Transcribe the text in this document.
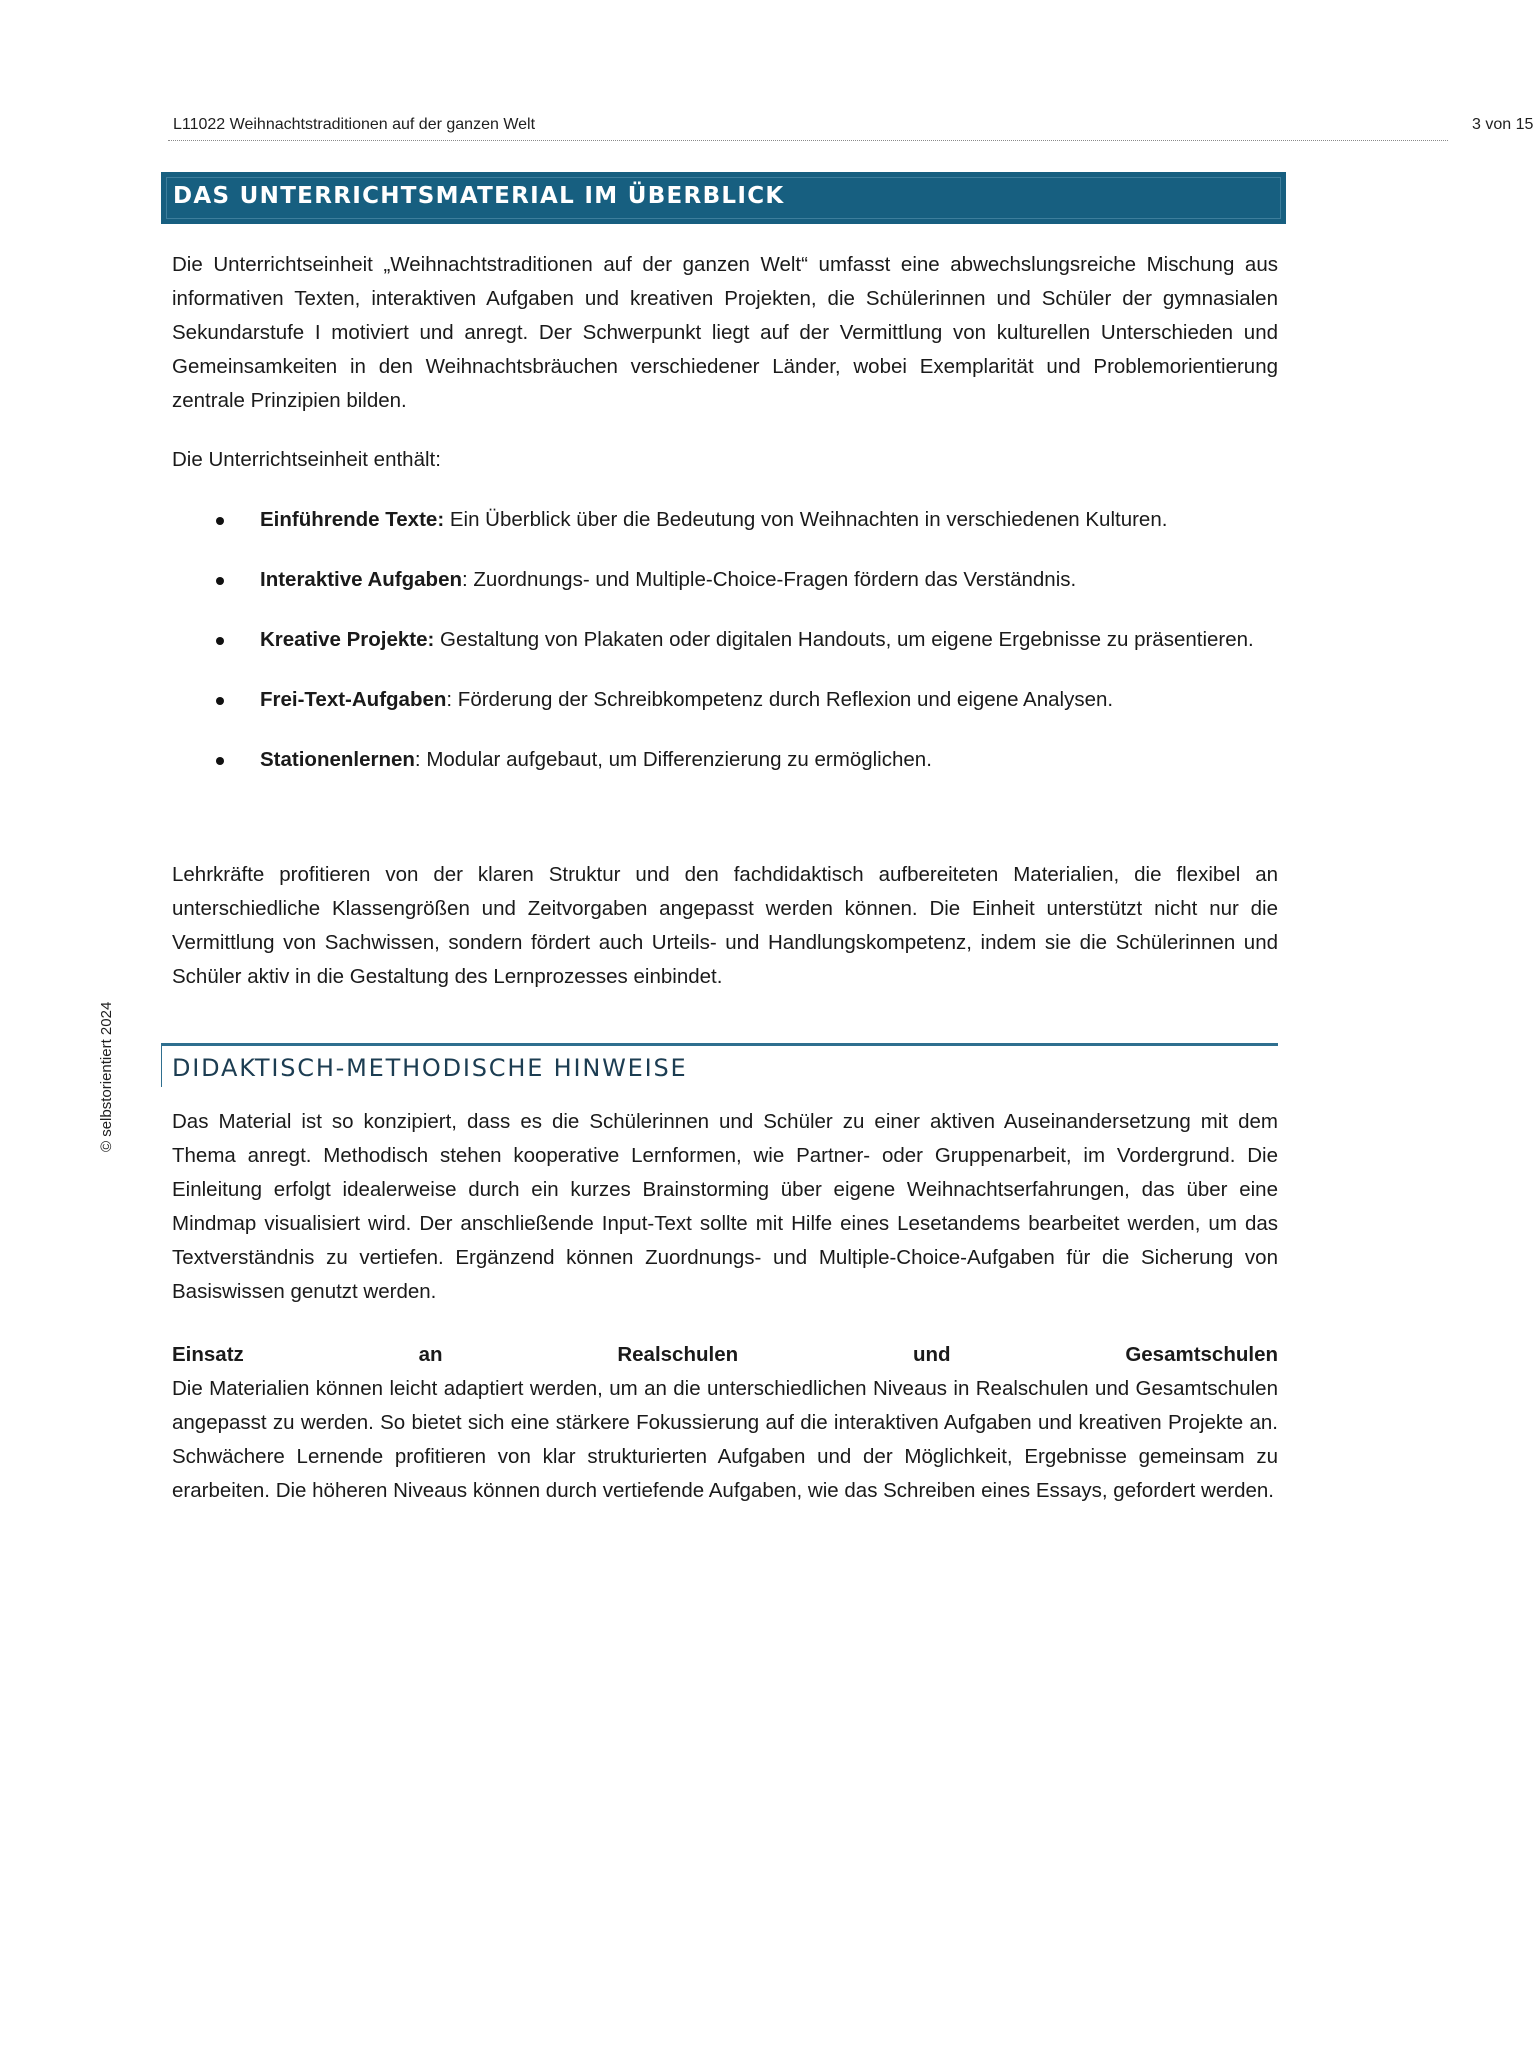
L11022 Weihnachtstraditionen auf der ganzen Welt	3 von 15
© selbstorientiert 2024
DAS UNTERRICHTSMATERIAL IM ÜBERBLICK

Die Unterrichtseinheit „Weihnachtstraditionen auf der ganzen Welt“ umfasst eine abwechslungsreiche Mischung aus informativen Texten, interaktiven Aufgaben und kreativen Projekten, die Schülerinnen und Schüler der gymnasialen Sekundarstufe I motiviert und anregt. Der Schwerpunkt liegt auf der Vermittlung von kulturellen Unterschieden und Gemeinsamkeiten in den Weihnachtsbräuchen verschiedener Länder, wobei Exemplarität und Problemorientierung zentrale Prinzipien bilden.

Die Unterrichtseinheit enthält:

Einführende Texte: Ein Überblick über die Bedeutung von Weihnachten in verschiedenen Kulturen.
Interaktive Aufgaben: Zuordnungs- und Multiple-Choice-Fragen fördern das Verständnis.
Kreative Projekte: Gestaltung von Plakaten oder digitalen Handouts, um eigene Ergebnisse zu präsentieren.
Frei-Text-Aufgaben: Förderung der Schreibkompetenz durch Reflexion und eigene Analysen.
Stationenlernen: Modular aufgebaut, um Differenzierung zu ermöglichen.

Lehrkräfte profitieren von der klaren Struktur und den fachdidaktisch aufbereiteten Materialien, die flexibel an unterschiedliche Klassengrößen und Zeitvorgaben angepasst werden können. Die Einheit unterstützt nicht nur die Vermittlung von Sachwissen, sondern fördert auch Urteils- und Handlungskompetenz, indem sie die Schülerinnen und Schüler aktiv in die Gestaltung des Lernprozesses einbindet.

DIDAKTISCH-METHODISCHE HINWEISE

Das Material ist so konzipiert, dass es die Schülerinnen und Schüler zu einer aktiven Auseinandersetzung mit dem Thema anregt. Methodisch stehen kooperative Lernformen, wie Partner- oder Gruppenarbeit, im Vordergrund. Die Einleitung erfolgt idealerweise durch ein kurzes Brainstorming über eigene Weihnachtserfahrungen, das über eine Mindmap visualisiert wird. Der anschließende Input-Text sollte mit Hilfe eines Lesetandems bearbeitet werden, um das Textverständnis zu vertiefen. Ergänzend können Zuordnungs- und Multiple-Choice-Aufgaben für die Sicherung von Basiswissen genutzt werden.

Einsatz	an	Realschulen	und	Gesamtschulen

Die Materialien können leicht adaptiert werden, um an die unterschiedlichen Niveaus in Realschulen und Gesamtschulen angepasst zu werden. So bietet sich eine stärkere Fokussierung auf die interaktiven Aufgaben und kreativen Projekte an. Schwächere Lernende profitieren von klar strukturierten Aufgaben und der Möglichkeit, Ergebnisse gemeinsam zu erarbeiten. Die höheren Niveaus können durch vertiefende Aufgaben, wie das Schreiben eines Essays, gefordert werden.
